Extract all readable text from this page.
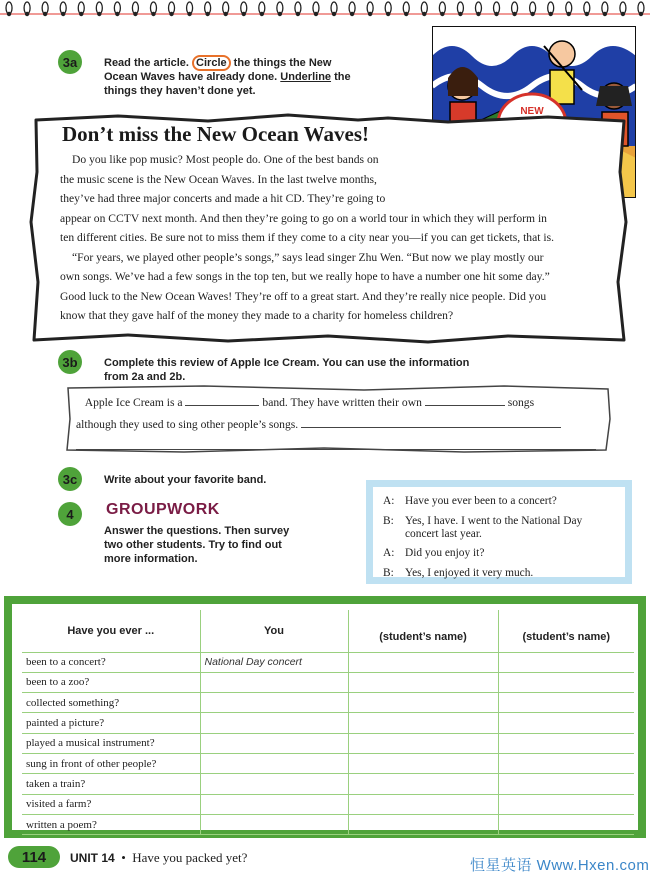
3a	Read the article. Circle the things the New
Ocean Waves have already done. Underline the
things they haven’t done yet.
NEW
Don’t miss the New Ocean Waves!
Do you like pop music? Most people do. One of the best bands on
the music scene is the New Ocean Waves. In the last twelve months,
they’ve had three major concerts and made a hit CD. They’re going to
appear on CCTV next month. And then they’re going to go on a world tour in which they will perform in
ten different cities. Be sure not to miss them if they come to a city near you—if you can get tickets, that is.
“For years, we played other people’s songs,” says lead singer Zhu Wen. “But now we play mostly our
own songs. We’ve had a few songs in the top ten, but we really hope to have a number one hit some day.”
Good luck to the New Ocean Waves! They’re off to a great start. And they’re really nice people. Did you
know that they gave half of the money they made to a charity for homeless children?
3b	Complete this review of Apple Ice Cream. You can use the information
from 2a and 2b.
Apple Ice Cream is a	band. They have written their own	songs
although they used to sing other people’s songs.

3c	Write about your favorite band.
4	GROUPWORK
Answer the questions. Then survey
two other students. Try to find out
more information.
A: Have you ever been to a concert?
B: Yes, I have. I went to the National Day
concert last year.
A: Did you enjoy it?
B: Yes, I enjoyed it very much.
Have you ever ...	You	(student’s name)	(student’s name)
been to a concert?	National Day concert		
been to a zoo?			
collected something?			
painted a picture?			
played a musical instrument?			
sung in front of other people?			
taken a train?			
visited a farm?			
written a poem?			
114	UNIT 14 • Have you packed yet?	恒星英语 Www.Hxen.com
